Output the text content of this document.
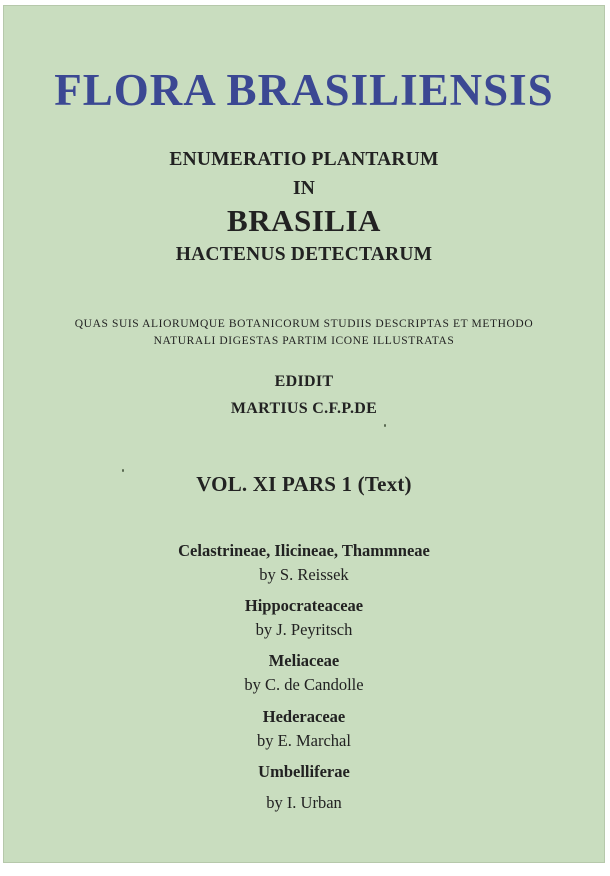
FLORA BRASILIENSIS
ENUMERATIO PLANTARUM
IN
BRASILIA
HACTENUS DETECTARUM
QUAS SUIS ALIORUMQUE BOTANICORUM STUDIIS DESCRIPTAS ET METHODO
NATURALI DIGESTAS PARTIM ICONE ILLUSTRATAS
EDIDIT
MARTIUS C.F.P.DE
VOL. XI PARS 1 (Text)
Celastrineae, Ilicineae, Thammneae
by S. Reissek
Hippocrateaceae
by J. Peyritsch
Meliaceae
by C. de Candolle
Hederaceae
by E. Marchal
Umbelliferae
by I. Urban
